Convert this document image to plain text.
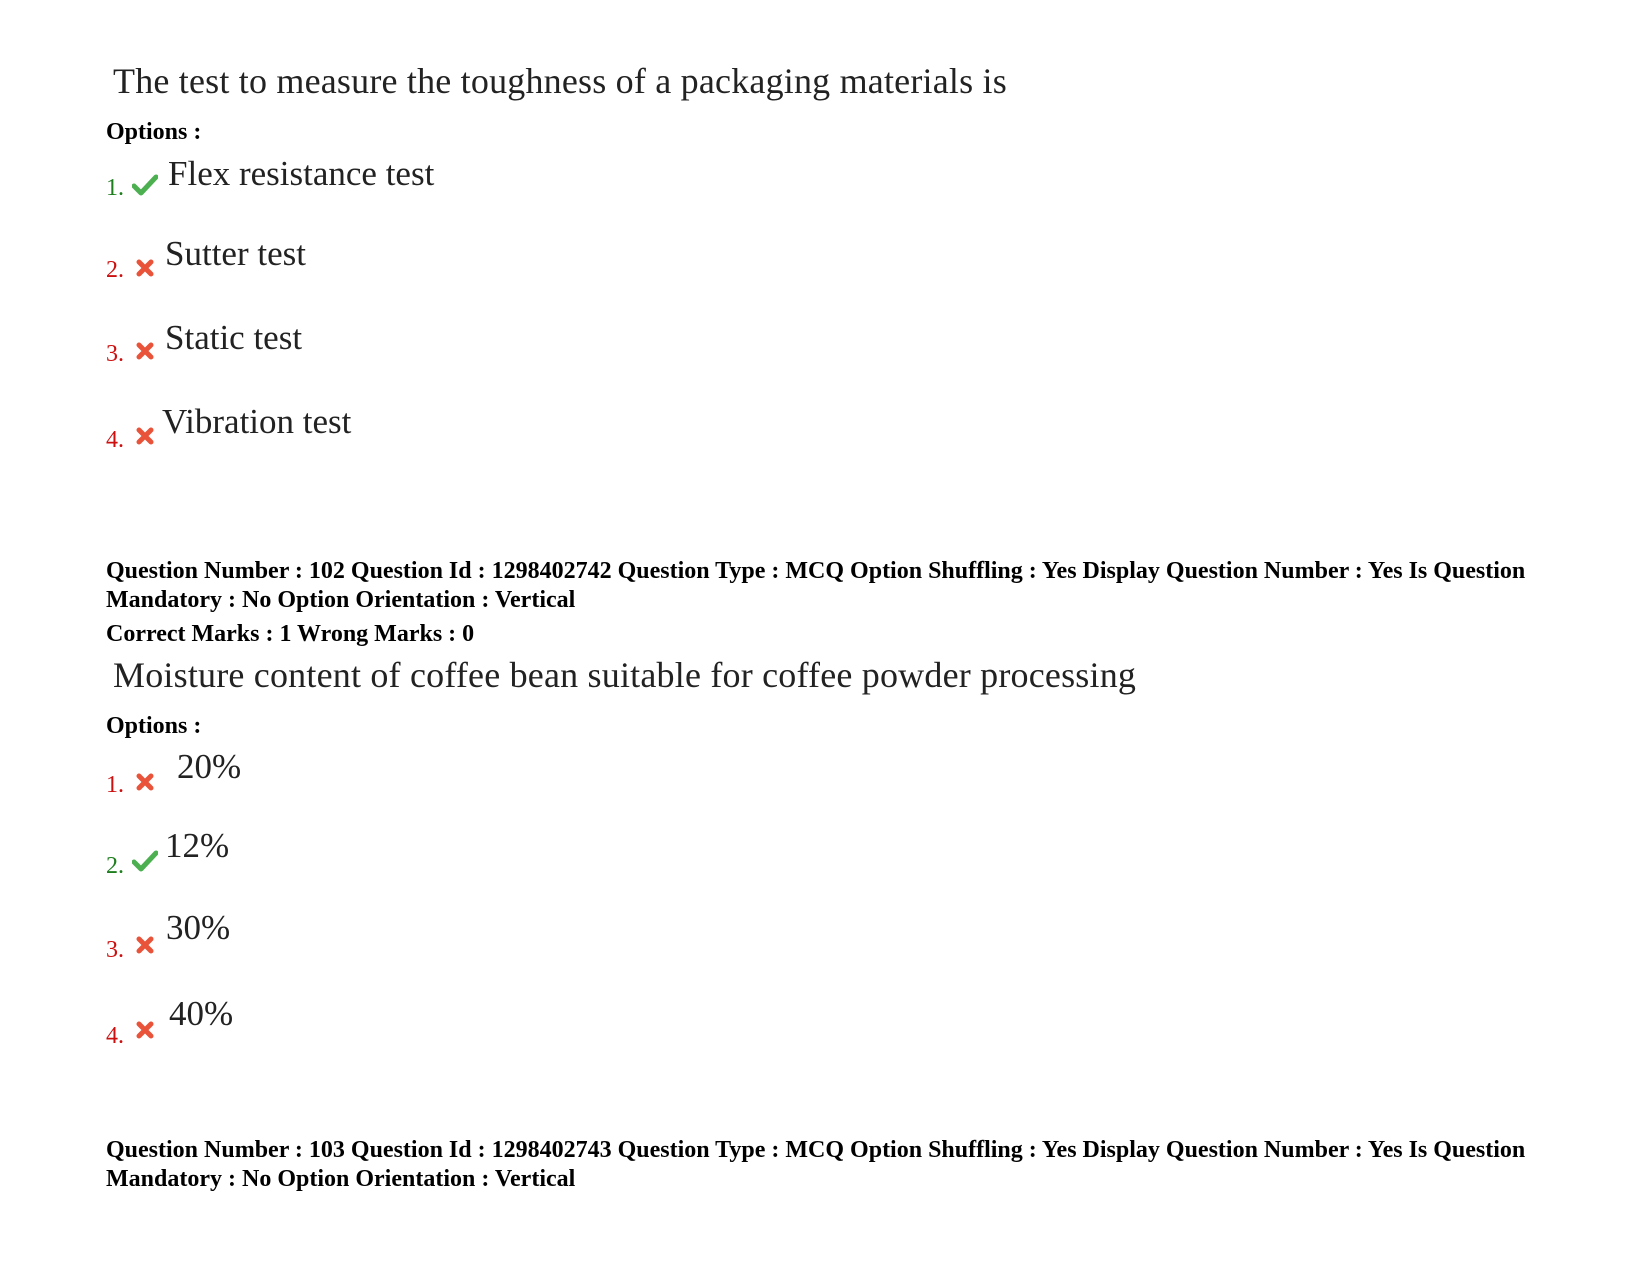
The test to measure the toughness of a packaging materials is
Options :
1. Flex resistance test
2. Sutter test
3. Static test
4. Vibration test
Question Number : 102 Question Id : 1298402742 Question Type : MCQ Option Shuffling : Yes Display Question Number : Yes Is Question Mandatory : No Option Orientation : Vertical
Correct Marks : 1 Wrong Marks : 0
Moisture content of coffee bean suitable for coffee powder processing
Options :
1. 20%
2.
12%
3.
30%
4.
40%
Question Number : 103 Question Id : 1298402743 Question Type : MCQ Option Shuffling : Yes Display Question Number : Yes Is Question Mandatory : No Option Orientation : Vertical
